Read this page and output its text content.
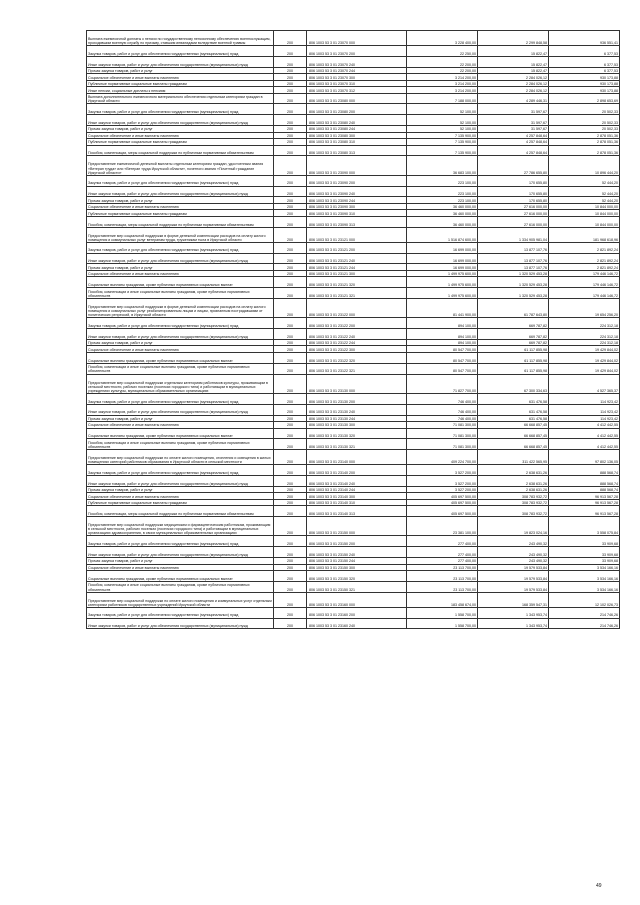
Выплата ежемесячной доплаты к пенсии по государственному пенсионному обеспечению военнослужащим, проходившим военную службу по призыву, ставшим инвалидами вследствие военной травмы	200	806 1003 53 3 01 23070 000	3 228 400,00	2 299 848,58	936 551,41
Закупка товаров, работ и услуг для обеспечения государственных (муниципальных) нужд	200	806 1003 53 3 01 23070 200	22 250,00	15 822,47	6 377,53
Иные закупки товаров, работ и услуг для обеспечения государственных (муниципальных) нужд	200	806 1003 53 3 01 23070 240	22 200,00	15 822,47	6 377,53
Прочая закупка товаров, работ и услуг	200	806 1003 53 3 01 23070 244	22 200,00	15 822,47	6 377,53
Социальное обеспечение и иные выплаты населению	200	806 1003 53 3 01 23070 300	3 214 200,00	2 284 026,12	930 173,88
Публичные нормативные социальные выплаты гражданам	200	806 1003 53 3 01 23070 310	3 214 200,00	2 284 026,12	930 173,88
Иные пенсии, социальные доплаты к пенсиям	200	806 1003 53 3 01 23070 312	3 214 200,00	2 284 026,12	930 173,88
Выплата дополнительного ежемесячного материального обеспечения отдельным категориям граждан в Иркутской области	200	806 1003 53 3 01 23080 000	7 188 000,00	4 289 446,31	2 898 653,69
Закупка товаров, работ и услуг для обеспечения государственных (муниципальных) нужд	200	806 1003 53 3 01 23080 200	52 100,00	31 597,67	20 502,33
Иные закупки товаров, работ и услуг для обеспечения государственных (муниципальных) нужд	200	806 1003 53 3 01 23080 240	52 100,00	31 597,67	20 502,33
Прочая закупка товаров, работ и услуг	200	806 1003 53 3 01 23080 244	52 100,00	31 597,67	20 502,33
Социальное обеспечение и иные выплаты населению	200	806 1003 53 3 01 23080 300	7 135 900,00	4 257 848,64	2 878 051,36
Публичные нормативные социальные выплаты гражданам	200	806 1003 53 3 01 23080 310	7 135 900,00	4 257 848,64	2 878 051,36
Пособия, компенсации, меры социальной поддержки по публичным нормативным обязательствам	200	806 1003 53 3 01 23080 313	7 135 900,00	4 257 848,64	2 878 051,36
Предоставление ежемесячной денежной выплаты отдельным категориям граждан, удостоенным звания «Ветеран труда» или «Ветеран труда Иркутской области», почетного звания «Почетный гражданин Иркутской области»	200	806 1003 53 3 01 23090 000	36 683 100,00	27 786 655,80	10 896 444,20
Закупка товаров, работ и услуг для обеспечения государственных (муниципальных) нужд	200	806 1003 53 3 01 23090 200	223 100,00	170 655,80	52 444,20
Иные закупки товаров, работ и услуг для обеспечения государственных (муниципальных) нужд	200	806 1003 53 3 01 23090 240	223 100,00	170 655,80	52 444,20
Прочая закупка товаров, работ и услуг	200	806 1003 53 3 01 23090 244	223 100,00	170 655,80	52 444,20
Социальное обеспечение и иные выплаты населению	200	806 1003 53 3 01 23090 300	36 460 000,00	27 616 000,00	10 844 000,00
Публичные нормативные социальные выплаты гражданам	200	806 1003 53 3 01 23090 310	36 460 000,00	27 616 000,00	10 844 000,00
Пособия, компенсации, меры социальной поддержки по публичным нормативным обязательствам	200	806 1003 53 3 01 23090 313	36 460 000,00	27 616 000,00	10 844 000,00
Предоставление мер социальной поддержки в форме денежной компенсации расходов на оплату жилого помещения и коммунальных услуг ветеранам труда, труженикам тыла в Иркутской области	200	806 1003 53 3 01 23121 000	1 516 874 600,00	1 334 905 981,04	181 968 618,96
Закупка товаров, работ и услуг для обеспечения государственных (муниципальных) нужд	200	806 1003 53 3 01 23121 200	16 699 000,00	13 877 107,76	2 821 892,24
Иные закупки товаров, работ и услуг для обеспечения государственных (муниципальных) нужд	200	806 1003 53 3 01 23121 240	16 699 000,00	13 877 107,76	2 821 892,24
Прочая закупка товаров, работ и услуг	200	806 1003 53 3 01 23121 244	16 699 000,00	13 877 107,76	2 821 892,24
Социальное обеспечение и иные выплаты населению	200	806 1003 53 3 01 23121 300	1 499 975 600,00	1 320 529 453,28	179 446 146,72
Социальные выплаты гражданам, кроме публичных нормативных социальных выплат	200	806 1003 53 3 01 23121 320	1 499 975 600,00	1 320 529 453,28	179 446 146,72
Пособия, компенсации и иные социальные выплаты гражданам, кроме публичных нормативных обязательств	200	806 1003 53 3 01 23121 321	1 499 975 600,00	1 320 529 453,28	179 446 146,72
Предоставление мер социальной поддержки в форме денежной компенсации расходов на оплату жилого помещения и коммунальных услуг реабилитированным лицам и лицам, признанным пострадавшими от политических репрессий, в Иркутской области	200	806 1003 53 3 01 23122 000	81 441 900,00	61 787 643,80	19 654 256,20
Закупка товаров, работ и услуг для обеспечения государственных (муниципальных) нужд	200	806 1003 53 3 01 23122 200	894 100,00	669 787,82	224 312,18
Иные закупки товаров, работ и услуг для обеспечения государственных (муниципальных) нужд	200	806 1003 53 3 01 23122 240	894 100,00	669 787,82	224 312,18
Прочая закупка товаров, работ и услуг	200	806 1003 53 3 01 23122 244	894 100,00	669 787,82	224 312,18
Социальное обеспечение и иные выплаты населению	200	806 1003 53 3 01 23122 300	80 547 700,00	61 117 855,98	19 429 844,02
Социальные выплаты гражданам, кроме публичных нормативных социальных выплат	200	806 1003 53 3 01 23122 320	80 547 700,00	61 117 855,98	19 429 844,02
Пособия, компенсации и иные социальные выплаты гражданам, кроме публичных нормативных обязательств	200	806 1003 53 3 01 23122 321	80 547 700,00	61 117 855,98	19 429 844,02
Предоставление мер социальной поддержки отдельным категориям работников культуры, проживающим в сельской местности, рабочих поселках (поселках городского типа) и работающим в муниципальных учреждениях культуры, муниципальных образовательных организациях	200	806 1003 53 3 01 23130 000	71 827 700,00	67 300 334,63	4 527 365,37
Закупка товаров, работ и услуг для обеспечения государственных (муниципальных) нужд	200	806 1003 53 3 01 23130 200	746 400,00	631 476,58	114 923,42
Иные закупки товаров, работ и услуг для обеспечения государственных (муниципальных) нужд	200	806 1003 53 3 01 23130 240	746 400,00	631 476,58	114 923,42
Прочая закупка товаров, работ и услуг	200	806 1003 53 3 01 23130 244	746 400,00	631 476,58	114 923,42
Социальное обеспечение и иные выплаты населению	200	806 1003 53 3 01 23130 300	71 081 300,00	66 668 857,45	4 412 442,55
Социальные выплаты гражданам, кроме публичных нормативных социальных выплат	200	806 1003 53 3 01 23130 320	71 081 300,00	66 668 857,45	4 412 442,55
Пособия, компенсации и иные социальные выплаты гражданам, кроме публичных нормативных обязательств	200	806 1003 53 3 01 23130 321	71 081 300,00	66 668 857,45	4 412 442,55
Предоставление мер социальной поддержки по оплате жилого помещения, отопления и освещения в жилых помещениях категорий работников образования в Иркутской области в сельской местности	200	806 1003 53 3 01 23140 000	409 224 700,00	311 422 565,95	97 802 136,05
Закупка товаров, работ и услуг для обеспечения государственных (муниципальных) нужд	200	806 1003 53 3 01 23140 200	3 527 200,00	2 638 631,26	888 568,74
Иные закупки товаров, работ и услуг для обеспечения государственных (муниципальных) нужд	200	806 1003 53 3 01 23140 240	3 527 200,00	2 638 631,26	888 568,74
Прочая закупка товаров, работ и услуг	200	806 1003 53 3 01 23140 244	3 527 200,00	2 638 631,26	888 568,74
Социальное обеспечение и иные выплаты населению	200	806 1003 53 3 01 23140 300	405 697 500,00	308 783 932,72	96 913 567,28
Публичные нормативные социальные выплаты гражданам	200	806 1003 53 3 01 23140 310	405 697 500,00	308 783 932,72	96 913 567,28
Пособия, компенсации, меры социальной поддержки по публичным нормативным обязательствам	200	806 1003 53 3 01 23140 313	405 697 500,00	308 783 932,72	96 913 567,28
Предоставление мер социальной поддержки медицинским и фармацевтическим работникам, проживающим в сельской местности, рабочих поселках (поселках городского типа) и работающим в муниципальных организациях здравоохранения, в своих муниципальных образовательных организациях	200	806 1003 53 3 01 23150 000	23 381 100,00	19 823 024,16	3 558 075,84
Закупка товаров, работ и услуг для обеспечения государственных (муниципальных) нужд	200	806 1003 53 3 01 23150 200	277 400,00	243 490,32	33 909,68
Иные закупки товаров, работ и услуг для обеспечения государственных (муниципальных) нужд	200	806 1003 53 3 01 23150 240	277 400,00	243 490,32	33 909,68
Прочая закупка товаров, работ и услуг	200	806 1003 53 3 01 23150 244	277 400,00	243 490,32	33 909,68
Социальное обеспечение и иные выплаты населению	200	806 1003 53 3 01 23150 300	23 113 700,00	19 579 533,84	3 534 166,16
Социальные выплаты гражданам, кроме публичных нормативных социальных выплат	200	806 1003 53 3 01 23150 320	23 113 700,00	19 579 533,84	3 534 166,16
Пособия, компенсации и иные социальные выплаты гражданам, кроме публичных нормативных обязательств	200	806 1003 53 3 01 23150 321	23 113 700,00	19 579 533,84	3 534 166,16
Предоставление мер социальной поддержки по оплате жилого помещения и коммунальных услуг отдельным категориям работников государственных учреждений Иркутской области	200	806 1003 53 3 01 23160 000	183 458 674,00	168 359 547,31	12 102 026,73
Закупка товаров, работ и услуг для обеспечения государственных (муниципальных) нужд	200	806 1003 53 3 01 23160 200	1 558 700,00	1 343 953,74	214 746,26
Иные закупки товаров, работ и услуг для обеспечения государственных (муниципальных) нужд	200	806 1003 53 3 01 23160 240	1 558 700,00	1 343 953,74	214 746,26
49
